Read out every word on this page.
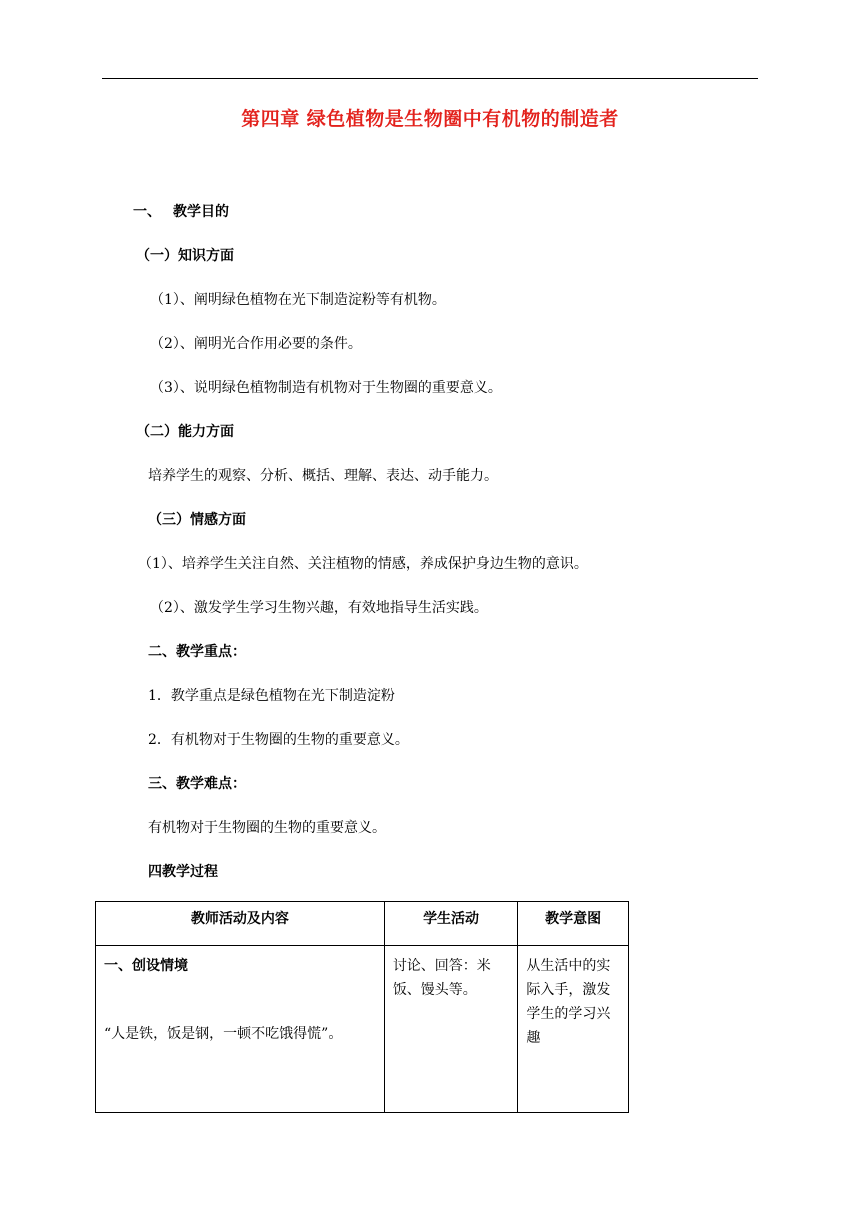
第四章 绿色植物是生物圈中有机物的制造者
一、 教学目的
（一）知识方面
（1）、阐明绿色植物在光下制造淀粉等有机物。
（2）、阐明光合作用必要的条件。
（3）、说明绿色植物制造有机物对于生物圈的重要意义。
（二）能力方面
培养学生的观察、分析、概括、理解、表达、动手能力。
（三）情感方面
（1）、培养学生关注自然、关注植物的情感，养成保护身边生物的意识。
（2）、激发学生学习生物兴趣，有效地指导生活实践。
二、教学重点：
1．教学重点是绿色植物在光下制造淀粉
2．有机物对于生物圈的生物的重要意义。
三、教学难点：
有机物对于生物圈的生物的重要意义。
四教学过程
教师活动及内容	学生活动	教学意图

一、创设情境
“人是铁，饭是钢，一顿不吃饿得慌”。	讨论、回答：米饭、馒头等。	从生活中的实际入手，激发学生的学习兴趣
